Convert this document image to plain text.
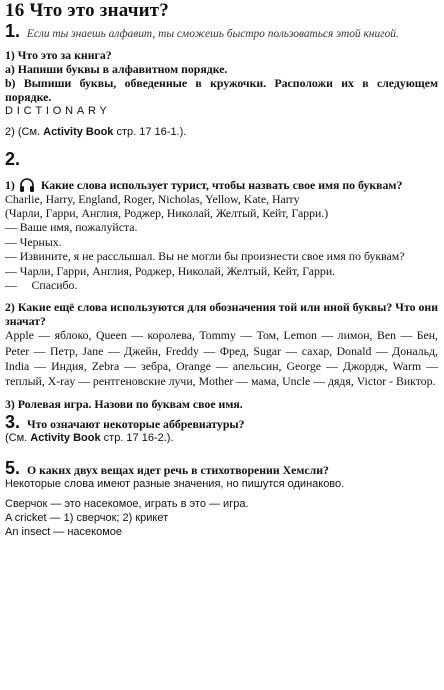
16 Что это значит?

1. Если ты знаешь алфавит, ты сможешь быстро пользоваться этой книгой.

1) Что это за книга?

а) Напиши буквы в алфавитном порядке.

b) Выпиши буквы, обведенные в кружочки. Расположи их в следующем порядке.

DICTIONARY

2) (См. Activity Book стр. 17 16-1.).

2.

1) Какие слова использует турист, чтобы назвать свое имя по буквам?

Charlie, Harry, England, Roger, Nicholas, Yellow, Kate, Harry

(Чарли, Гарри, Англия, Роджер, Николай, Желтый, Кейт, Гарри.)

— Ваше имя, пожалуйста.

— Черных.

— Извините, я не расслышал. Вы не могли бы произнести свое имя по буквам?

— Чарли, Гарри, Англия, Роджер, Николай, Желтый, Кейт, Гарри.

—     Спасибо.

2) Какие ещё слова используются для обозначения той или иной буквы? Что они значат?

Apple — яблоко, Queen — королева, Tommy — Том, Lemon — лимон, Ben — Бен, Peter — Петр, Jane — Джейн, Freddy — Фред, Sugar — сахар, Donald — Дональд, India — Индия, Zebra — зебра, Orange — апельсин, George — Джордж, Warm — теплый, X-ray — рентгеновские лучи, Mother — мама, Uncle — дядя, Victor - Виктор.

3) Ролевая игра. Назови по буквам свое имя.

3. Что означают некоторые аббревиатуры?

(См. Activity Book стр. 17 16-2.).

5. О каких двух вещах идет речь в стихотворении Хемсли?

Некоторые слова имеют разные значения, но пишутся одинаково.

Сверчок — это насекомое, играть в это — игра.

A cricket — 1) сверчок; 2) крикет

An insect — насекомое
